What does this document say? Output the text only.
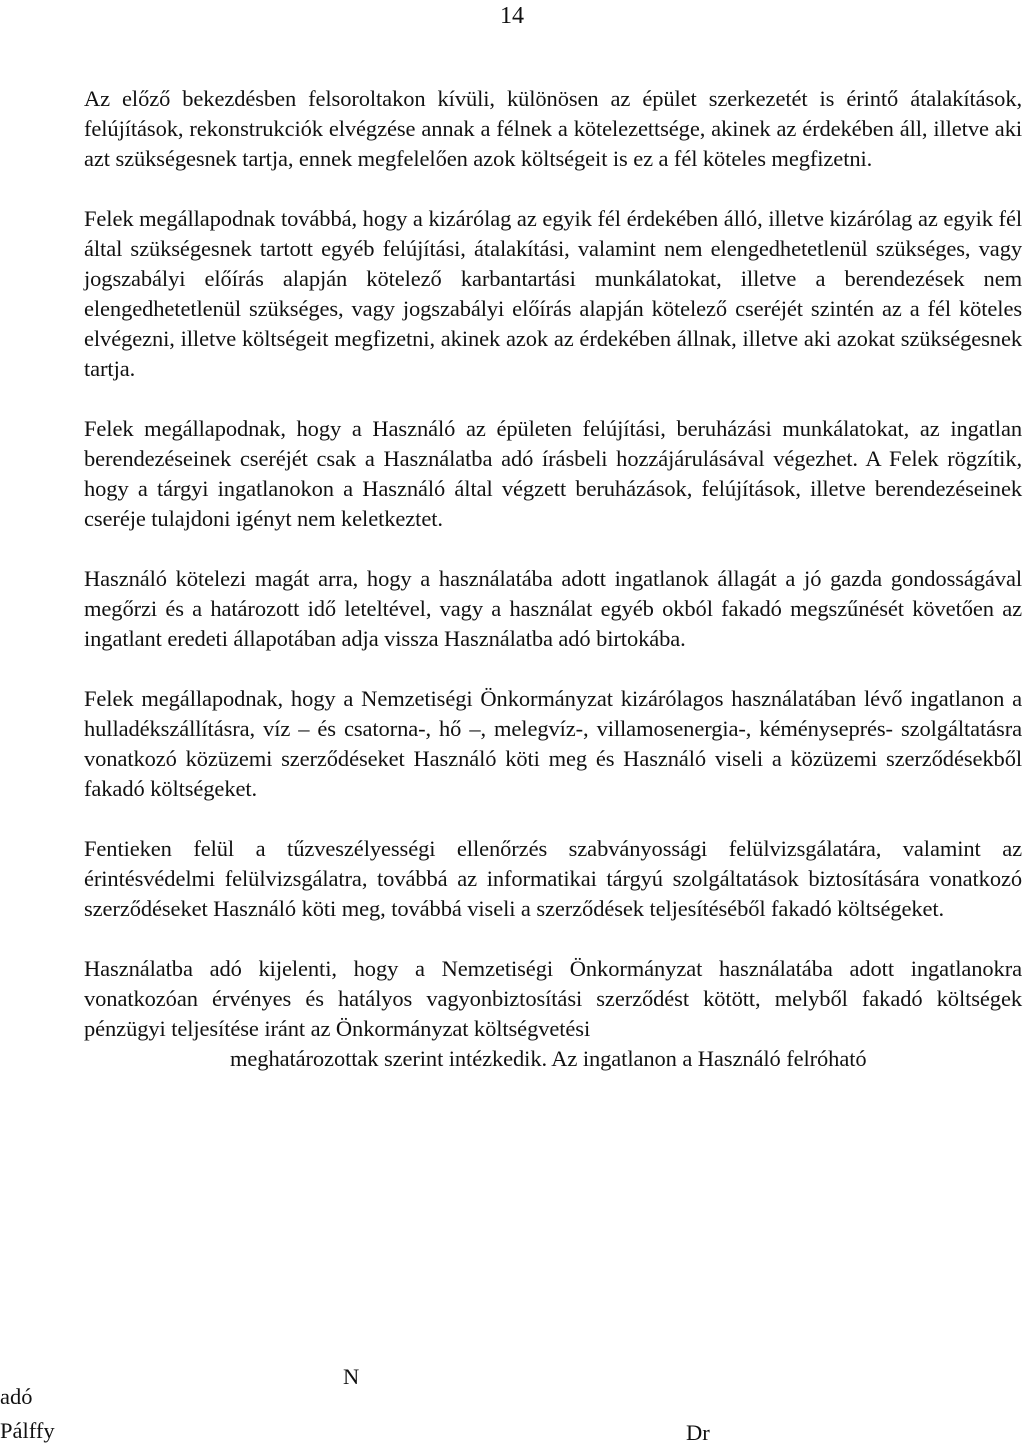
14

Az előző bekezdésben felsoroltakon kívüli, különösen az épület szerkezetét is érintő átalakítások, felújítások, rekonstrukciók elvégzése annak a félnek a kötelezettsége, akinek az érdekében áll, illetve aki azt szükségesnek tartja, ennek megfelelően azok költségeit is ez a fél köteles megfizetni.

Felek megállapodnak továbbá, hogy a kizárólag az egyik fél érdekében álló, illetve kizárólag az egyik fél által szükségesnek tartott egyéb felújítási, átalakítási, valamint nem elengedhetetlenül szükséges, vagy jogszabályi előírás alapján kötelező karbantartási munkálatokat, illetve a berendezések nem elengedhetetlenül szükséges, vagy jogszabályi előírás alapján kötelező cseréjét szintén az a fél köteles elvégezni, illetve költségeit megfizetni, akinek azok az érdekében állnak, illetve aki azokat szükségesnek tartja.

Felek megállapodnak, hogy a Használó az épületen felújítási, beruházási munkálatokat, az ingatlan berendezéseinek cseréjét csak a Használatba adó írásbeli hozzájárulásával végezhet. A Felek rögzítik, hogy a tárgyi ingatlanokon a Használó által végzett beruházások, felújítások, illetve berendezéseinek cseréje tulajdoni igényt nem keletkeztet.

Használó kötelezi magát arra, hogy a használatába adott ingatlanok állagát a jó gazda gondosságával megőrzi és a határozott idő leteltével, vagy a használat egyéb okból fakadó megszűnését követően az ingatlant eredeti állapotában adja vissza Használatba adó birtokába.

Felek megállapodnak, hogy a Nemzetiségi Önkormányzat kizárólagos használatában lévő ingatlanon a hulladékszállításra, víz – és csatorna-, hő –, melegvíz-, villamosenergia-, kéményseprés- szolgáltatásra vonatkozó közüzemi szerződéseket Használó köti meg és Használó viseli a közüzemi szerződésekből fakadó költségeket.

Fentieken felül a tűzveszélyességi ellenőrzés szabványossági felülvizsgálatára, valamint az érintésvédelmi felülvizsgálatra, továbbá az informatikai tárgyú szolgáltatások biztosítására vonatkozó szerződéseket Használó köti meg, továbbá viseli a szerződések teljesítéséből fakadó költségeket.

Használatba adó kijelenti, hogy a Nemzetiségi Önkormányzat használatába adott ingatlanokra vonatkozóan érvényes és hatályos vagyonbiztosítási szerződést kötött, melyből fakadó költségek pénzügyi teljesítése iránt az Önkormányzat költségvetési
meghatározottak szerint intézkedik. Az ingatlanon a Használó felróható

adó
Pálffy
N
Dr
